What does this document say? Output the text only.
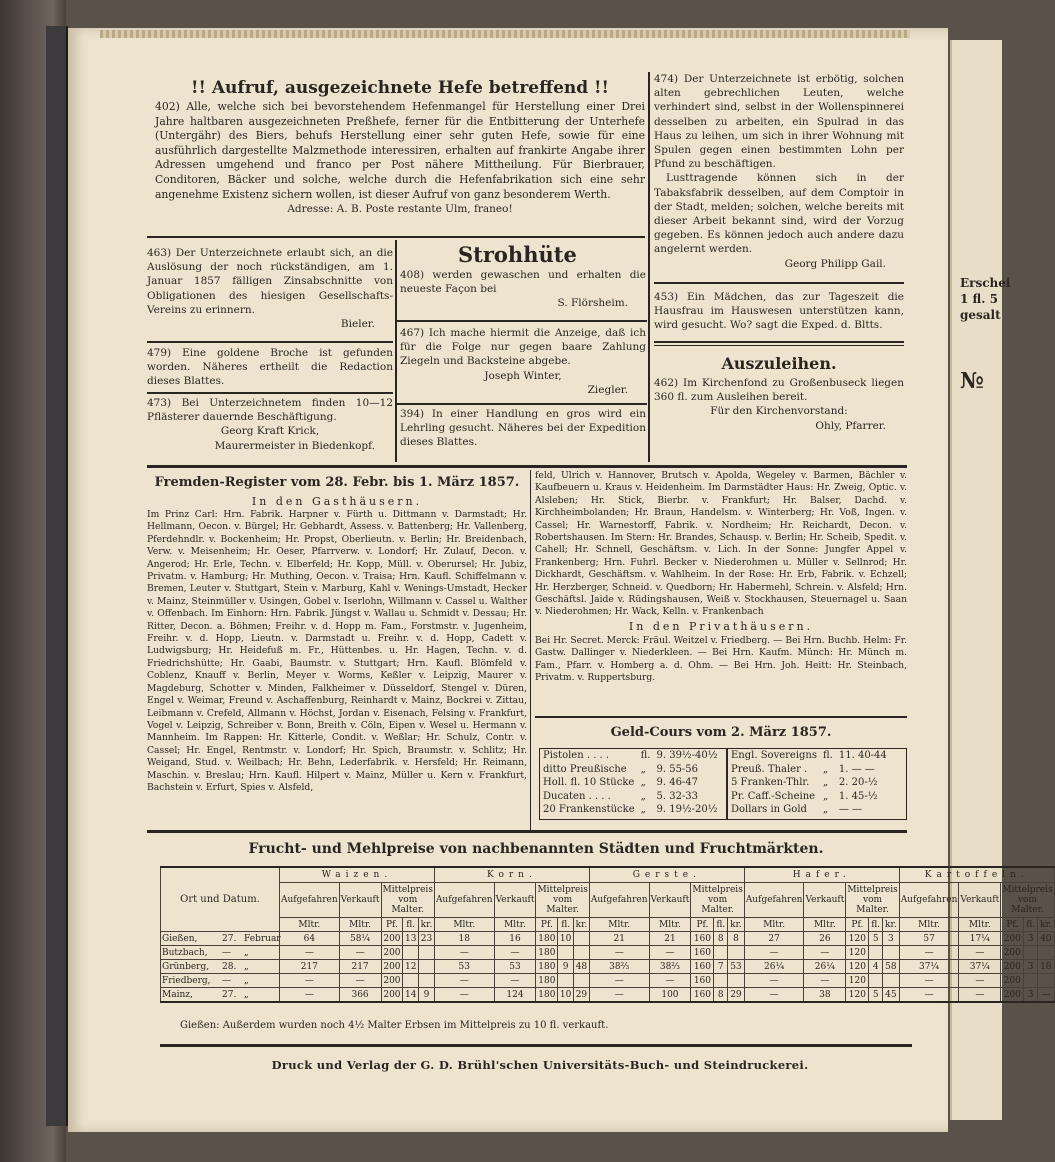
Erschei
1 fl. 5
gesalt
№
!! Aufruf, ausgezeichnete Hefe betreffend !!

402) Alle, welche sich bei bevorstehendem Hefenmangel für Herstellung einer Drei Jahre haltbaren ausgezeichneten Preßhefe, ferner für die Entbitterung der Unterhefe (Untergähr) des Biers, behufs Herstellung einer sehr guten Hefe, sowie für eine ausführlich dargestellte Malzmethode interessiren, erhalten auf frankirte Angabe ihrer Adressen umgehend und franco per Post nähere Mittheilung. Für Bierbrauer, Conditoren, Bäcker und solche, welche durch die Hefenfabrikation sich eine sehr angenehme Existenz sichern wollen, ist dieser Aufruf von ganz besonderem Werth.

Adresse: A. B. Poste restante Ulm, franeo!

463) Der Unterzeichnete erlaubt sich, an die Auslösung der noch rückständigen, am 1. Januar 1857 fälligen Zinsabschnitte von Obligationen des hiesigen Gesellschafts-Vereins zu erinnern.

Bieler.

479) Eine goldene Broche ist gefunden worden. Näheres ertheilt die Redaction dieses Blattes.

473) Bei Unterzeichnetem finden 10—12 Pflästerer dauernde Beschäftigung.

Georg Kraft Krick,

Maurermeister in Biedenkopf.

Strohhüte

408) werden gewaschen und erhalten die neueste Façon bei

S. Flörsheim.

467) Ich mache hiermit die Anzeige, daß ich für die Folge nur gegen baare Zahlung Ziegeln und Backsteine abgebe.

Joseph Winter,

Ziegler.

394) In einer Handlung en gros wird ein Lehrling gesucht. Näheres bei der Expedition dieses Blattes.

474) Der Unterzeichnete ist erbötig, solchen alten gebrechlichen Leuten, welche verhindert sind, selbst in der Wollenspinnerei desselben zu arbeiten, ein Spulrad in das Haus zu leihen, um sich in ihrer Wohnung mit Spulen gegen einen bestimmten Lohn per Pfund zu beschäftigen.

Lusttragende können sich in der Tabaksfabrik desselben, auf dem Comptoir in der Stadt, melden; solchen, welche bereits mit dieser Arbeit bekannt sind, wird der Vorzug gegeben. Es können jedoch auch andere dazu angelernt werden.

Georg Philipp Gail.

453) Ein Mädchen, das zur Tageszeit die Hausfrau im Hauswesen unterstützen kann, wird gesucht. Wo? sagt die Exped. d. Bltts.

Auszuleihen.

462) Im Kirchenfond zu Großenbuseck liegen 360 fl. zum Ausleihen bereit.

Für den Kirchenvorstand:

Ohly, Pfarrer.

Fremden-Register vom 28. Febr. bis 1. März 1857.
In den Gasthäusern.

Im Prinz Carl: Hrn. Fabrik. Harpner v. Fürth u. Dittmann v. Darmstadt; Hr. Hellmann, Oecon. v. Bürgel; Hr. Gebhardt, Assess. v. Battenberg; Hr. Vallenberg, Pferdehndlr. v. Bockenheim; Hr. Propst, Oberlieutn. v. Berlin; Hr. Breidenbach, Verw. v. Meisenheim; Hr. Oeser, Pfarrverw. v. Londorf; Hr. Zulauf, Decon. v. Angerod; Hr. Erle, Techn. v. Elberfeld; Hr. Kopp, Müll. v. Oberursel; Hr. Jubiz, Privatm. v. Hamburg; Hr. Muthing, Oecon. v. Traisa; Hrn. Kaufl. Schiffelmann v. Bremen, Leuter v. Stuttgart, Stein v. Marburg, Kahl v. Wenings-Umstadt, Hecker v. Mainz, Steinmüller v. Usingen, Gobel v. Iserlohn, Willmann v. Cassel u. Walther v. Offenbach. Im Einhorn: Hrn. Fabrik. Jüngst v. Wallau u. Schmidt v. Dessau; Hr. Ritter, Decon. a. Böhmen; Freihr. v. d. Hopp m. Fam., Forstmstr. v. Jugenheim, Freihr. v. d. Hopp, Lieutn. v. Darmstadt u. Freihr. v. d. Hopp, Cadett v. Ludwigsburg; Hr. Heidefuß m. Fr., Hüttenbes. u. Hr. Hagen, Techn. v. d. Friedrichshütte; Hr. Gaabi, Baumstr. v. Stuttgart; Hrn. Kaufl. Blömfeld v. Coblenz, Knauff v. Berlin, Meyer v. Worms, Keßler v. Leipzig, Maurer v. Magdeburg, Schotter v. Minden, Falkheimer v. Düsseldorf, Stengel v. Düren, Engel v. Weimar, Freund v. Aschaffenburg, Reinhardt v. Mainz, Bockrei v. Zittau, Leibmann v. Crefeld, Allmann v. Höchst, Jordan v. Eisenach, Felsing v. Frankfurt, Vogel v. Leipzig, Schreiber v. Bonn, Breith v. Cöln, Eipen v. Wesel u. Hermann v. Mannheim. Im Rappen: Hr. Kitterle, Condit. v. Weßlar; Hr. Schulz, Contr. v. Cassel; Hr. Engel, Rentmstr. v. Londorf; Hr. Spich, Braumstr. v. Schlitz; Hr. Weigand, Stud. v. Weilbach; Hr. Behn, Lederfabrik. v. Hersfeld; Hr. Reimann, Maschin. v. Breslau; Hrn. Kaufl. Hilpert v. Mainz, Müller u. Kern v. Frankfurt, Bachstein v. Erfurt, Spies v. Alsfeld,

feld, Ulrich v. Hannover, Brutsch v. Apolda, Wegeley v. Barmen, Bächler v. Kaufbeuern u. Kraus v. Heidenheim. Im Darmstädter Haus: Hr. Zweig, Optic. v. Alsleben; Hr. Stick, Bierbr. v. Frankfurt; Hr. Balser, Dachd. v. Kirchheimbolanden; Hr. Braun, Handelsm. v. Winterberg; Hr. Voß, Ingen. v. Cassel; Hr. Warnestorff, Fabrik. v. Nordheim; Hr. Reichardt, Decon. v. Robertshausen. Im Stern: Hr. Brandes, Schausp. v. Berlin; Hr. Scheib, Spedit. v. Cahell; Hr. Schnell, Geschäftsm. v. Lich. In der Sonne: Jungfer Appel v. Frankenberg; Hrn. Fuhrl. Becker v. Niederohmen u. Müller v. Sellnrod; Hr. Dickhardt, Geschäftsm. v. Wahlheim. In der Rose: Hr. Erb, Fabrik. v. Echzell; Hr. Herzberger, Schneid. v. Quedborn; Hr. Habermehl, Schrein. v. Alsfeld; Hrn. Geschäftsl. Jaide v. Rüdingshausen, Weiß v. Stockhausen, Steuernagel u. Saan v. Niederohmen; Hr. Wack, Kelln. v. Frankenbach

In den Privathäusern.

Bei Hr. Secret. Merck: Fräul. Weitzel v. Friedberg. — Bei Hrn. Buchb. Helm: Fr. Gastw. Dallinger v. Niederkleen. — Bei Hrn. Kaufm. Münch: Hr. Münch m. Fam., Pfarr. v. Homberg a. d. Ohm. — Bei Hrn. Joh. Heitt: Hr. Steinbach, Privatm. v. Ruppertsburg.

Geld-Cours vom 2. März 1857.
Pistolen . . . .	fl.	9. 39½-40½
ditto Preußische	„	9. 55-56
Holl. fl. 10 Stücke	„	9. 46-47
Ducaten . . . .	„	5. 32-33
20 Frankenstücke	„	9. 19½-20½
Engl. Sovereigns	fl.	11. 40-44
Preuß. Thaler .	„	1. — —
5 Franken-Thlr.	„	2. 20-½
Pr. Caff.-Scheine	„	1. 45-½
Dollars in Gold	„	— —
Frucht- und Mehlpreise von nachbenannten Städten und Fruchtmärkten.
Ort und Datum.	Waizen.					Korn.					Gerste.					Hafer.					Kartoffeln.				
	Aufgefahren	Verkauft	Mittelpreis vom Malter.			Aufgefahren	Verkauft	Mittelpreis vom Malter.			Aufgefahren	Verkauft	Mittelpreis vom Malter.			Aufgefahren	Verkauft	Mittelpreis vom Malter.			Aufgefahren	Verkauft	Mittelpreis vom Malter.		
	Mltr.	Mltr.	Pf.	fl.	kr.	Mltr.	Mltr.	Pf.	fl.	kr.	Mltr.	Mltr.	Pf.	fl.	kr.	Mltr.	Mltr.	Pf.	fl.	kr.	Mltr.	Mltr.	Pf.	fl.	kr.
Gießen, 27. Februar	64	58¼	200	13	23	18	16	180	10		21	21	160	8	8	27	26	120	5	3	57	17¼	200	3	40
Butzbach, — „	—	—	200			—	—	180			—	—	160			—	—	120			—	—	200		
Grünberg, 28. „	217	217	200	12		53	53	180	9	48	38⅔	38⅔	160	7	53	26¼	26¼	120	4	58	37¼	37¼	200	3	18
Friedberg, — „	—	—	200			—	—	180			—	—	160			—	—	120			—	—	200		
Mainz, 27. „	—	366	200	14	9	—	124	180	10	29	—	100	160	8	29	—	38	120	5	45	—	—	200	3	—
Gießen: Außerdem wurden noch 4½ Malter Erbsen im Mittelpreis zu 10 fl. verkauft.
Druck und Verlag der G. D. Brühl'schen Universitäts-Buch- und Steindruckerei.
